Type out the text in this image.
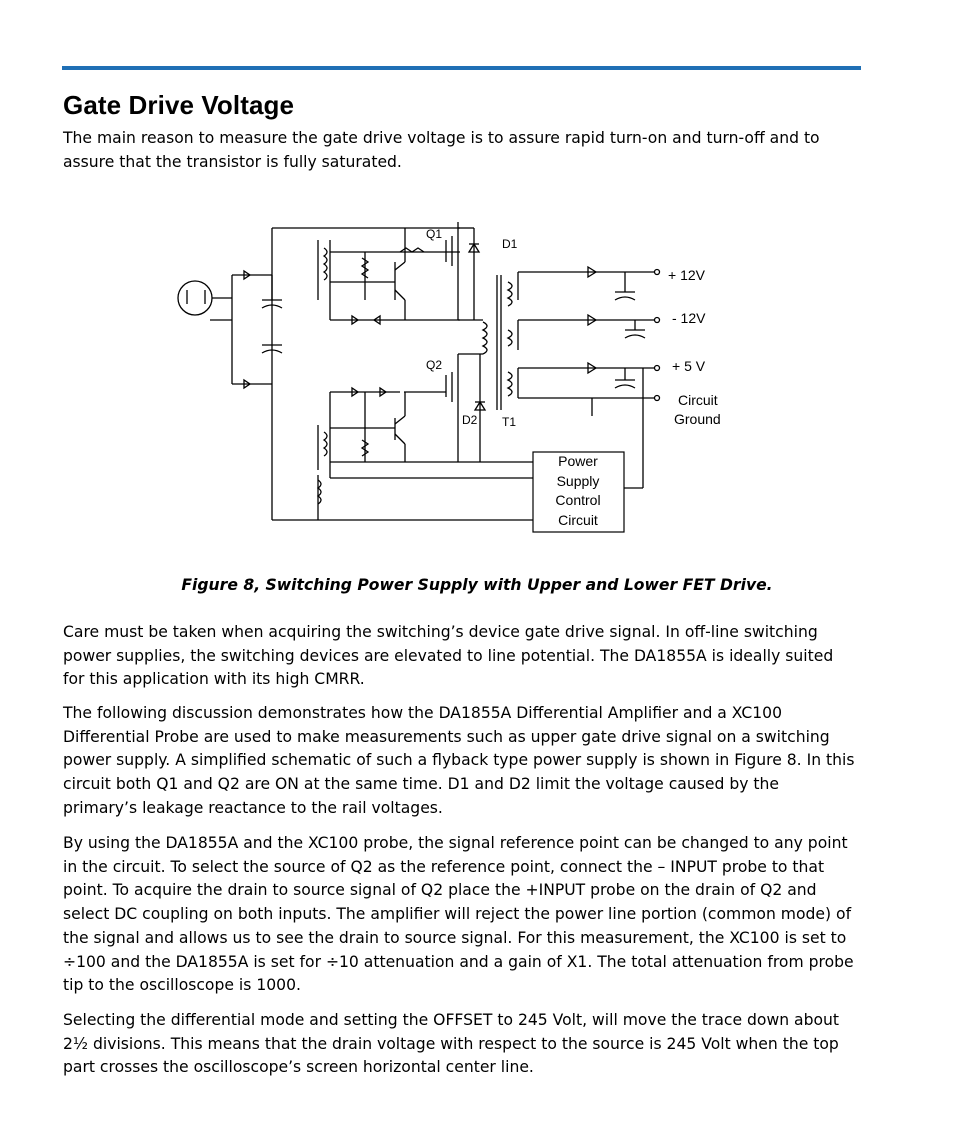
Gate Drive Voltage

The main reason to measure the gate drive voltage is to assure rapid turn-on and turn-off and to assure that the transistor is fully saturated.

Power
Supply
Control
Circuit
Q1
Q2
D1
D2 T1
+ 12V
- 12V
+ 5 V
Circuit
Ground
Figure 8, Switching Power Supply with Upper and Lower FET Drive.

Care must be taken when acquiring the switching’s device gate drive signal. In off-line switching power supplies, the switching devices are elevated to line potential. The DA1855A is ideally suited for this application with its high CMRR.

The following discussion demonstrates how the DA1855A Differential Amplifier and a XC100 Differential Probe are used to make measurements such as upper gate drive signal on a switching power supply. A simplified schematic of such a flyback type power supply is shown in Figure 8. In this circuit both Q1 and Q2 are ON at the same time. D1 and D2 limit the voltage caused by the primary’s leakage reactance to the rail voltages.

By using the DA1855A and the XC100 probe, the signal reference point can be changed to any point in the circuit. To select the source of Q2 as the reference point, connect the – INPUT probe to that point. To acquire the drain to source signal of Q2 place the +INPUT probe on the drain of Q2 and select DC coupling on both inputs. The amplifier will reject the power line portion (common mode) of the signal and allows us to see the drain to source signal. For this measurement, the XC100 is set to ÷100 and the DA1855A is set for ÷10 attenuation and a gain of X1. The total attenuation from probe tip to the oscilloscope is 1000.

Selecting the differential mode and setting the OFFSET to 245 Volt, will move the trace down about 2½ divisions. This means that the drain voltage with respect to the source is 245 Volt when the top part crosses the oscilloscope’s screen horizontal center line.
